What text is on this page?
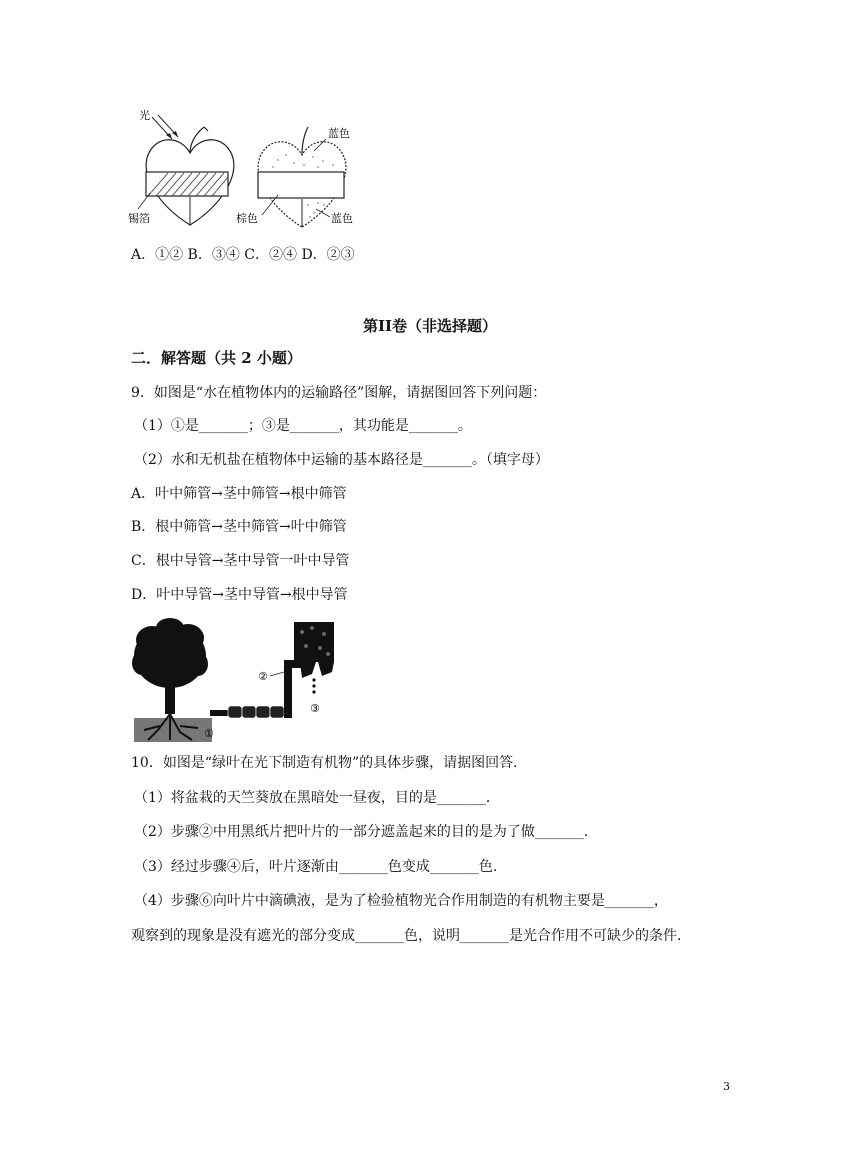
光
锡箔
蓝色
棕色	蓝色
A．①② B．③④ C．②④ D．②③
第II卷（非选择题）
二．解答题（共 2 小题）
9．如图是“水在植物体内的运输路径”图解，请据图回答下列问题：
（1）①是_______；③是_______，其功能是_______。
（2）水和无机盐在植物体中运输的基本路径是_______。（填字母）
A．叶中筛管→茎中筛管→根中筛管
B．根中筛管→茎中筛管→叶中筛管
C．根中导管→茎中导管一叶中导管
D．叶中导管→茎中导管→根中导管
①
②
③
10．如图是“绿叶在光下制造有机物”的具体步骤，请据图回答．
（1）将盆栽的天竺葵放在黑暗处一昼夜，目的是_______．
（2）步骤②中用黑纸片把叶片的一部分遮盖起来的目的是为了做_______．
（3）经过步骤④后，叶片逐渐由_______色变成_______色．
（4）步骤⑥向叶片中滴碘液，是为了检验植物光合作用制造的有机物主要是_______，
观察到的现象是没有遮光的部分变成_______色，说明_______是光合作用不可缺少的条件．
3
